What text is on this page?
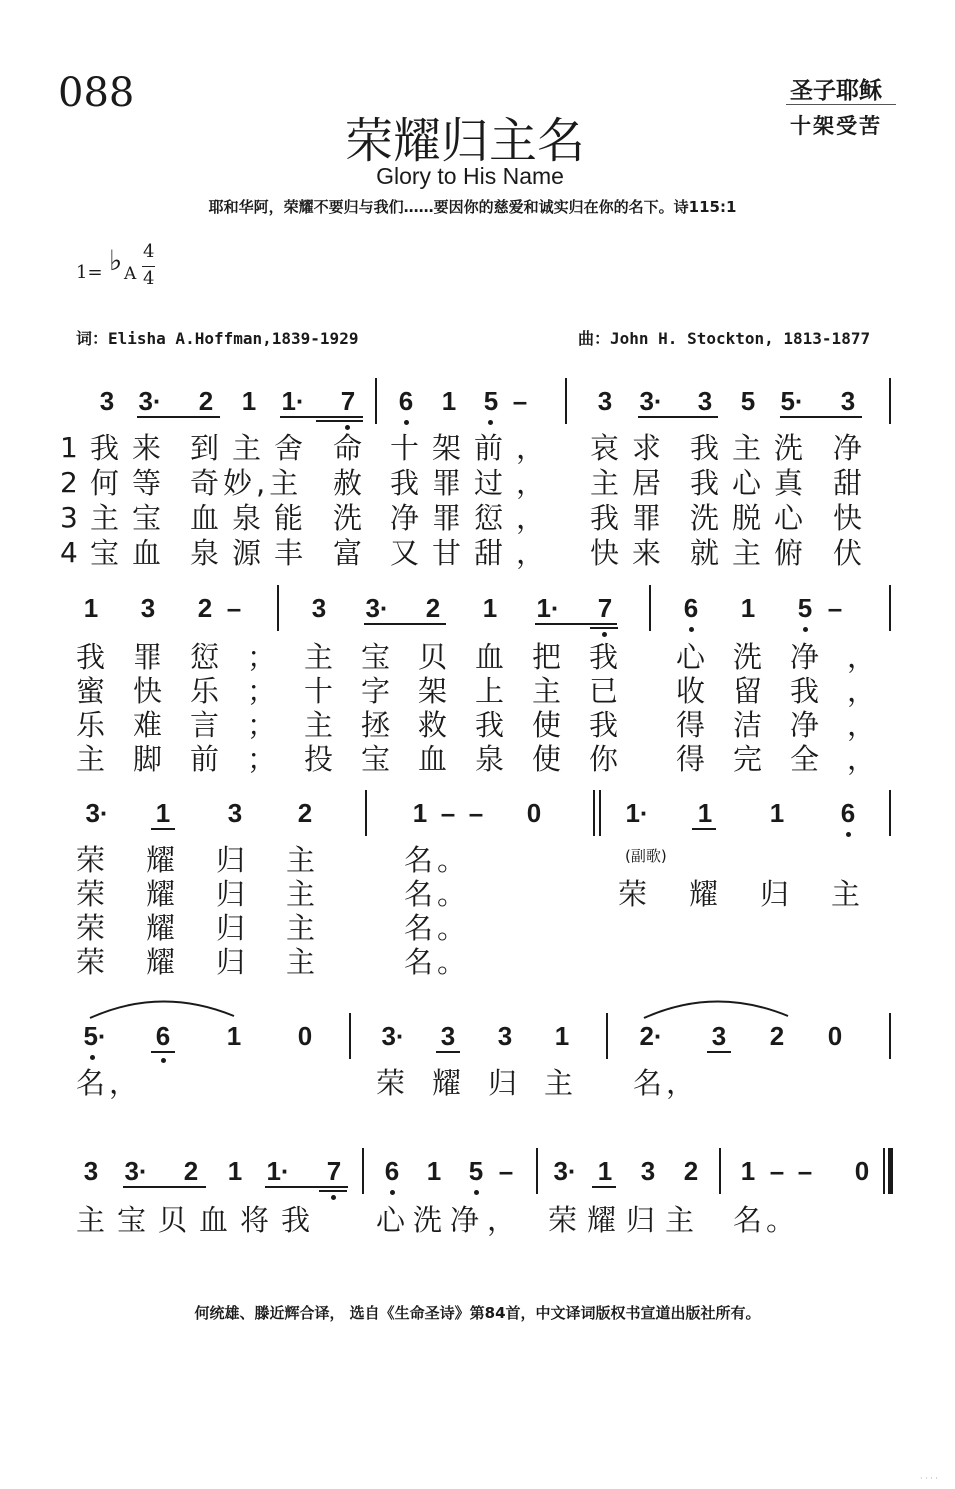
088	圣子耶稣
十架受苦
荣耀归主名
Glory to His Name
耶和华阿，荣耀不要归与我们……要因你的慈爱和诚实归在你的名下。诗115:1
1= ♭ A
4
4
词：Elisha A.Hoffman,1839-1929	曲：John H. Stockton, 1813-1877
3 3· 2 1 1· 7 6 1 5 –	3 3· 3 5 5· 3
1
2
3
4
我来 到主舍 命 十架前， 哀求 我主洗 净
何等 奇妙,主 赦 我罪过， 主居 我心真 甜
主宝 血泉能 洗 净罪愆， 我罪 洗脱心 快
宝血 泉源丰 富 又甘甜， 快来 就主俯 伏
1 3 2 –	3 3· 2 1 1· 7	6 1 5 –
我罪愆； 主宝贝血把我 心洗净，
蜜快乐； 十字架上主已 收留我，
乐难言； 主拯救我使我 得洁净，
主脚前； 投宝血泉使你 得完全，
3· 1 3 2	1 – – 0	1· 1 1 6
(副歌)
荣耀归主 名。
荣耀归主 名。	荣耀归主
荣耀归主 名。
荣耀归主 名。
5· 6 1 0	3· 3 3 1	2· 3 2 0
名，	荣耀归主 名，
3 3· 2 1 1· 7 6 1 5 – 3· 1 3 2 1 – – 0
主宝贝血将我 心洗净， 荣耀归主 名。
何统雄、滕近辉合译， 选自《生命圣诗》第84首，中文译词版权书宣道出版社所有。
· · · ·
